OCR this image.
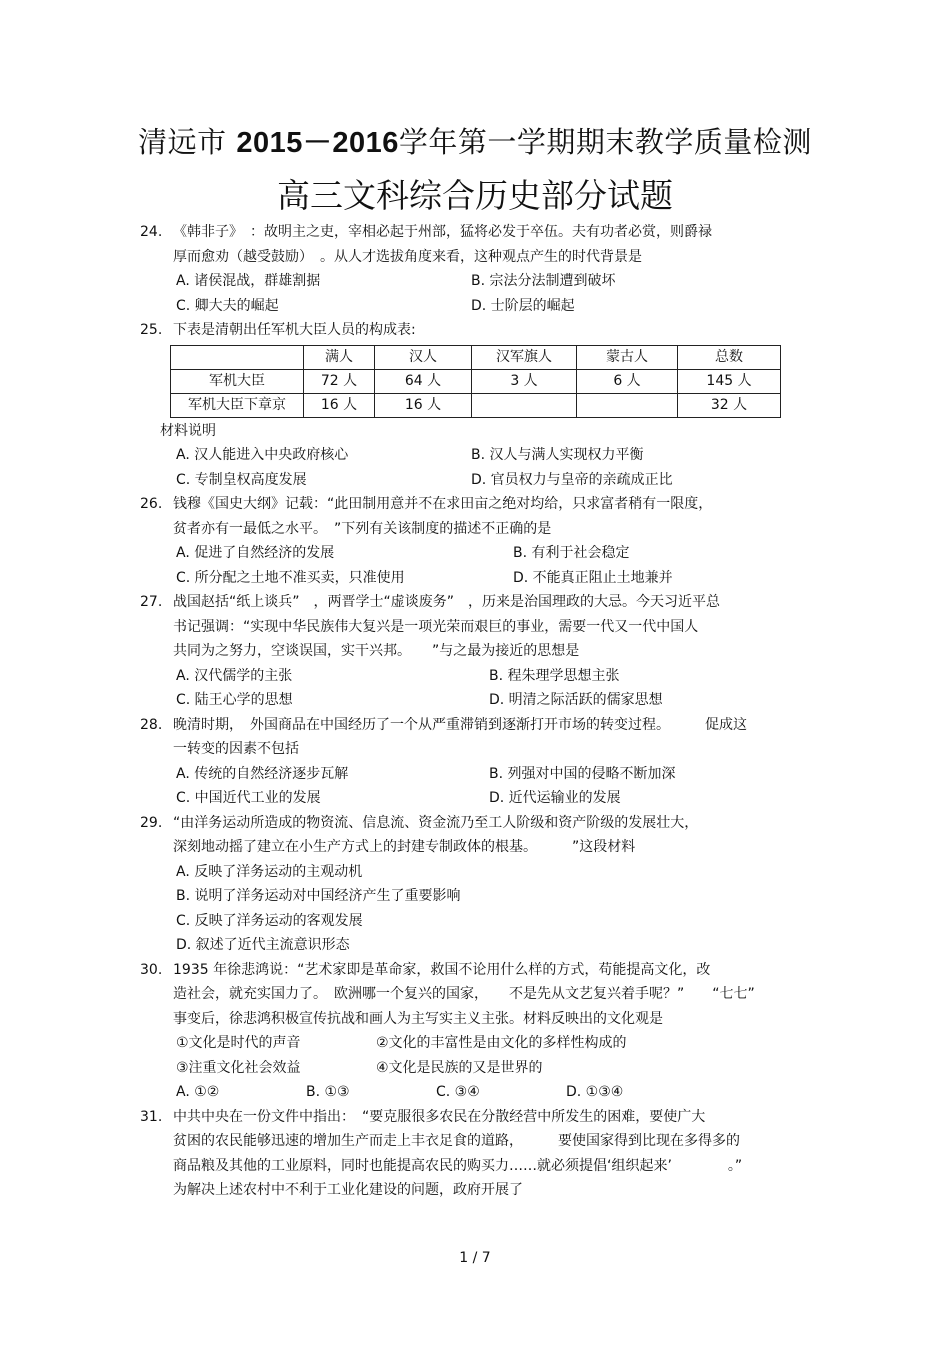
清远市 2015－2016学年第一学期期末教学质量检测
高三文科综合历史部分试题
24. 《韩非子》　：故明主之吏，宰相必起于州部，猛将必发于卒伍。夫有功者必赏，则爵禄
厚而愈劝（越受鼓励）　。从人才选拔角度来看，这种观点产生的时代背景是
A. 诸侯混战，群雄割据	B. 宗法分法制遭到破坏
C. 卿大夫的崛起	D. 士阶层的崛起
25. 下表是清朝出任军机大臣人员的构成表:
	满人	汉人	汉军旗人	蒙古人	总数
军机大臣	72 人	64 人	3 人	6 人	145 人
军机大臣下章京	16 人	16 人			32 人
材料说明
A. 汉人能进入中央政府核心	B. 汉人与满人实现权力平衡
C. 专制皇权高度发展	D. 官员权力与皇帝的亲疏成正比
26. 钱穆《国史大纲》记载：“此田制用意并不在求田亩之绝对均给，只求富者稍有一限度，
贫者亦有一最低之水平。　”下列有关该制度的描述不正确的是
A. 促进了自然经济的发展	B. 有利于社会稳定
C. 所分配之土地不准买卖，只准使用	D. 不能真正阻止土地兼并
27. 战国赵括“纸上谈兵”　，两晋学士“虚谈废务”　，历来是治国理政的大忌。今天习近平总
书记强调：“实现中华民族伟大复兴是一项光荣而艰巨的事业，需要一代又一代中国人
共同为之努力，空谈误国，实干兴邦。　　”与之最为接近的思想是
A. 汉代儒学的主张	B. 程朱理学思想主张
C. 陆王心学的思想	D. 明清之际活跃的儒家思想
28. 晚清时期，　外国商品在中国经历了一个从严重滞销到逐渐打开市场的转变过程。　　　促成这
一转变的因素不包括
A. 传统的自然经济逐步瓦解	B. 列强对中国的侵略不断加深
C. 中国近代工业的发展	D. 近代运输业的发展
29. “由洋务运动所造成的物资流、信息流、资金流乃至工人阶级和资产阶级的发展壮大，
深刻地动摇了建立在小生产方式上的封建专制政体的根基。　　　”这段材料
A. 反映了洋务运动的主观动机
B. 说明了洋务运动对中国经济产生了重要影响
C. 反映了洋务运动的客观发展
D. 叙述了近代主流意识形态
30. 1935 年徐悲鸿说：“艺术家即是革命家，救国不论用什么样的方式，苟能提高文化，改
造社会，就充实国力了。　欧洲哪一个复兴的国家，　　不是先从文艺复兴着手呢？”　　“七七”
事变后，徐悲鸿积极宣传抗战和画人为主写实主义主张。材料反映出的文化观是
①文化是时代的声音	②文化的丰富性是由文化的多样性构成的
③注重文化社会效益	④文化是民族的又是世界的
A. ①②	B. ①③	C. ③④	D. ①③④
31. 中共中央在一份文件中指出：　“要克服很多农民在分散经营中所发生的困难，要使广大
贫困的农民能够迅速的增加生产而走上丰衣足食的道路，　　　要使国家得到比现在多得多的
商品粮及其他的工业原料，同时也能提高农民的购买力……就必须提倡‘组织起来’　　　　。”
为解决上述农村中不利于工业化建设的问题，政府开展了
1 / 7
